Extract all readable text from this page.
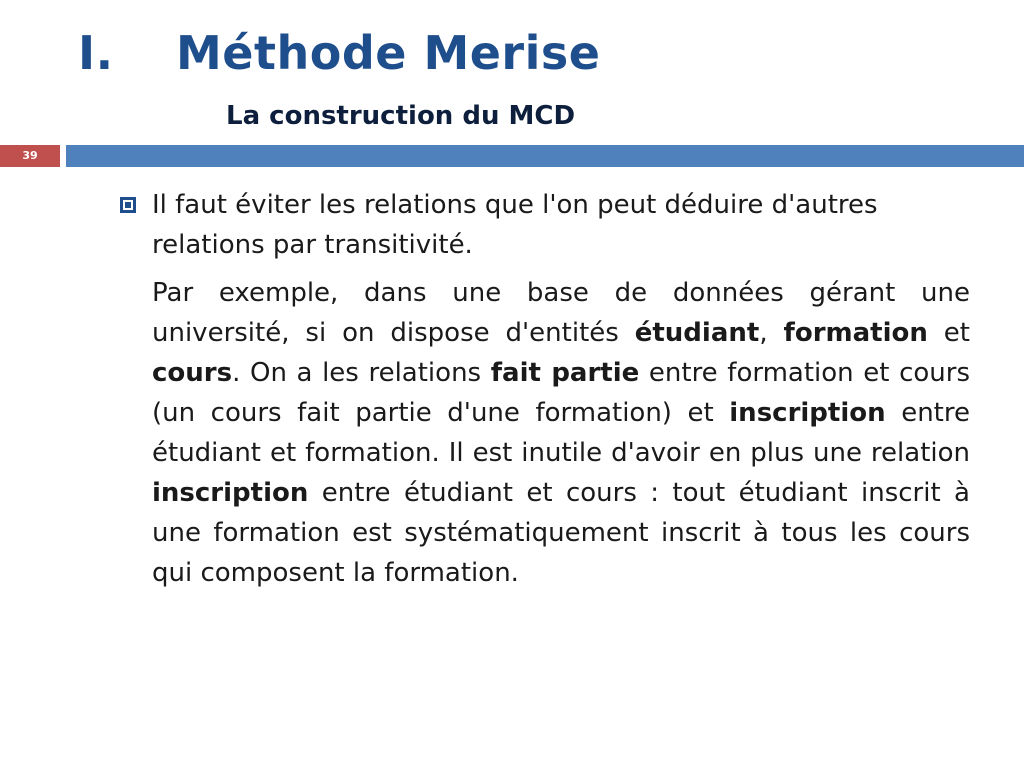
I. Méthode Merise
La construction du MCD
39
Il faut éviter les relations que l'on peut déduire d'autres relations par transitivité.
Par exemple, dans une base de données gérant une université, si on dispose d'entités étudiant, formation et cours. On a les relations fait partie entre formation et cours (un cours fait partie d'une formation) et inscription entre étudiant et formation. Il est inutile d'avoir en plus une relation inscription entre étudiant et cours : tout étudiant inscrit à une formation est systématiquement inscrit à tous les cours qui composent la formation.
